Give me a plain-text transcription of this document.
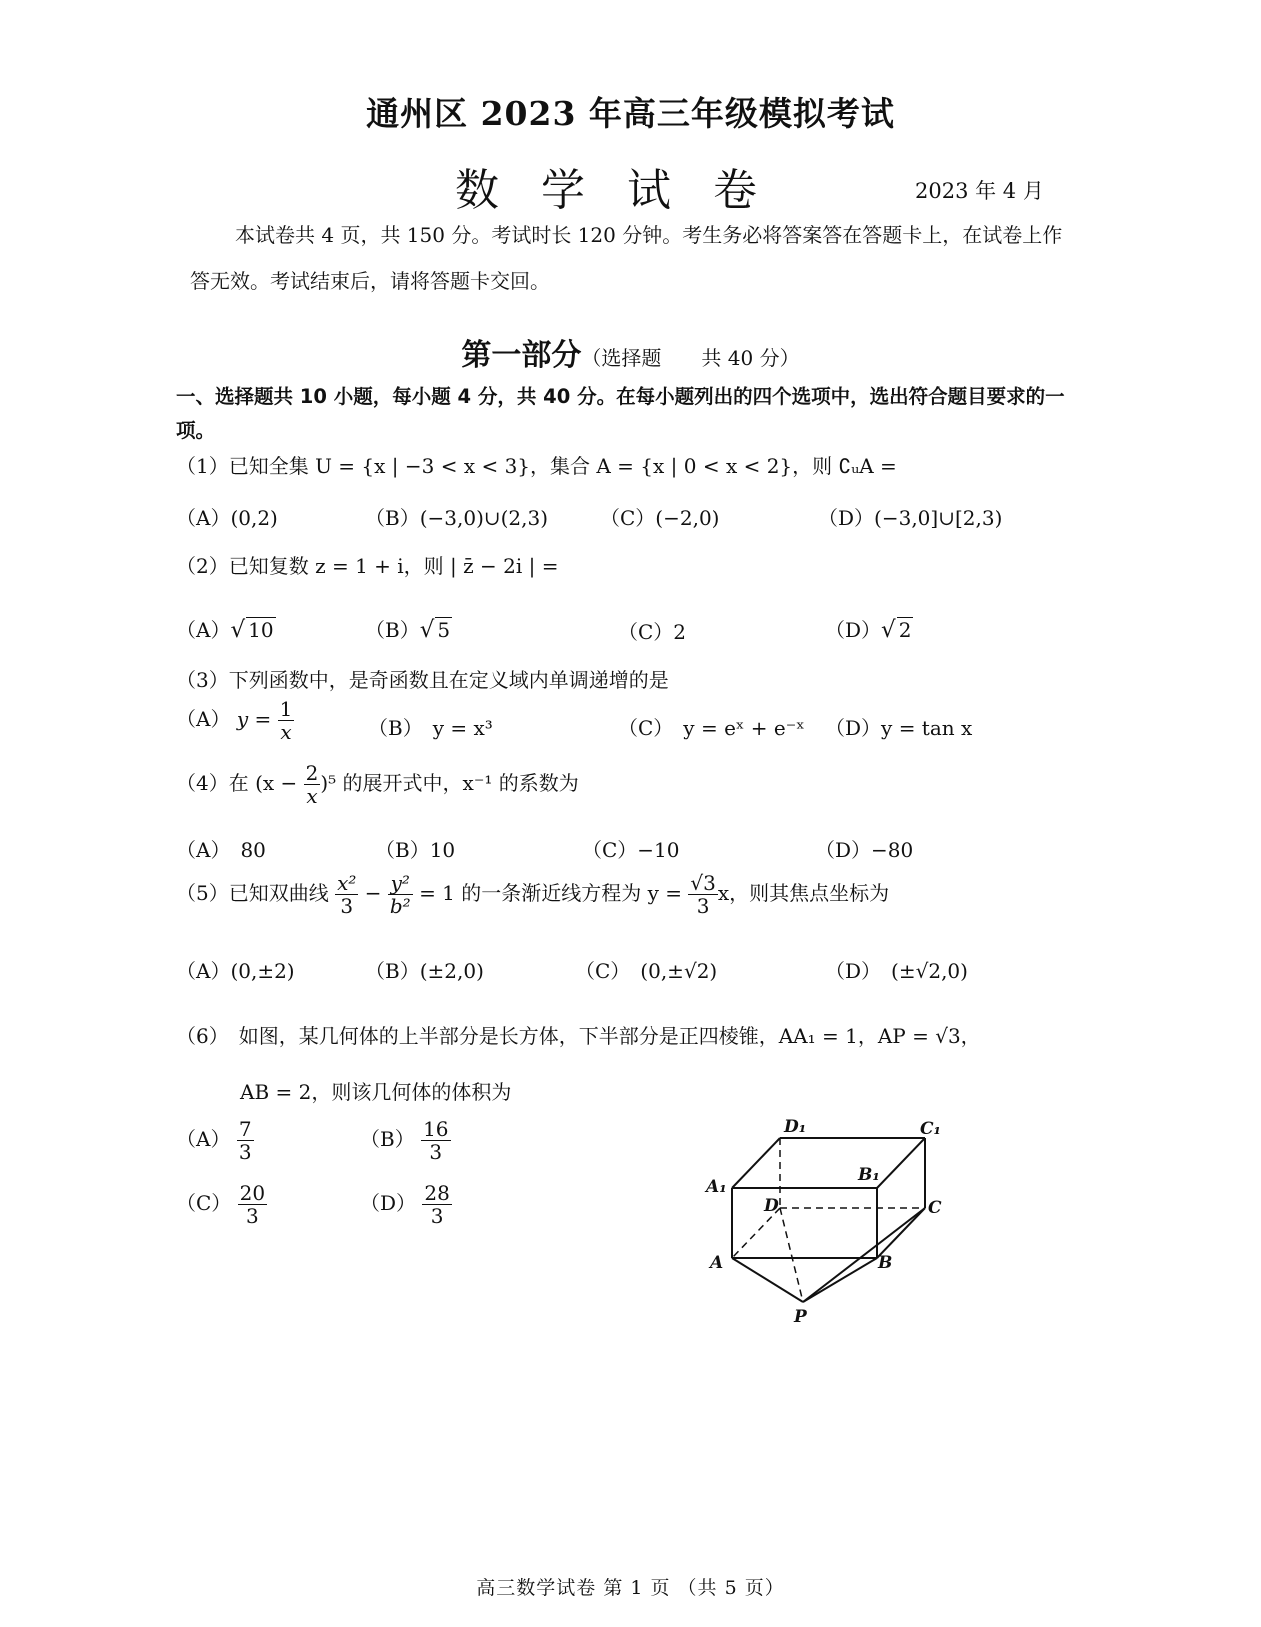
通州区 2023 年高三年级模拟考试
数 学 试 卷	2023 年 4 月
本试卷共 4 页，共 150 分。考试时长 120 分钟。考生务必将答案答在答题卡上，在试卷上作答无效。考试结束后，请将答题卡交回。
第一部分（选择题　　共 40 分）
一、选择题共 10 小题，每小题 4 分，共 40 分。在每小题列出的四个选项中，选出符合题目要求的一项。
（1）已知全集 U = {x | −3 < x < 3}，集合 A = {x | 0 < x < 2}，则 ∁ᵤA =
（A）(0,2)	（B）(−3,0)∪(2,3)	（C）(−2,0)	（D）(−3,0]∪[2,3)
（2）已知复数 z = 1 + i，则 | z̄ − 2i | =
（A）√ 10	（B）√ 5	（C）2	（D）√ 2
（3）下列函数中，是奇函数且在定义域内单调递增的是
（A） $y = \frac{1}{x}$	（B）　y = x³	（C）　y = eˣ + e⁻ˣ （D）y = tan x
（4）在 $(x - \frac{2}{x} )^5$ 的展开式中，x⁻¹ 的系数为
（A）　80	（B）10	（C）−10	（D）−80
（5）已知双曲线 $\frac{\text{x²}}{3} - \frac{\text{y²}}{\text{b²}} = 1$ 的一条渐近线方程为 $y = \frac{√3}{3}$ x，则其焦点坐标为
（A）(0,±2)	（B）(±2,0)	（C）　(0,±√2)	（D）　(±√2,0)
（6）　如图，某几何体的上半部分是长方体，下半部分是正四棱锥，AA₁ = 1，AP = √3，
AB = 2，则该几何体的体积为
$(A) \frac{7}{3}$	$(B) \frac{16}{3}$
$(C) \frac{20}{3}$	$(D) \frac{28}{3}$
D₁	C₁
A₁
B₁
D	C
A	B
P
高三数学试卷 第 1 页 （共 5 页）
